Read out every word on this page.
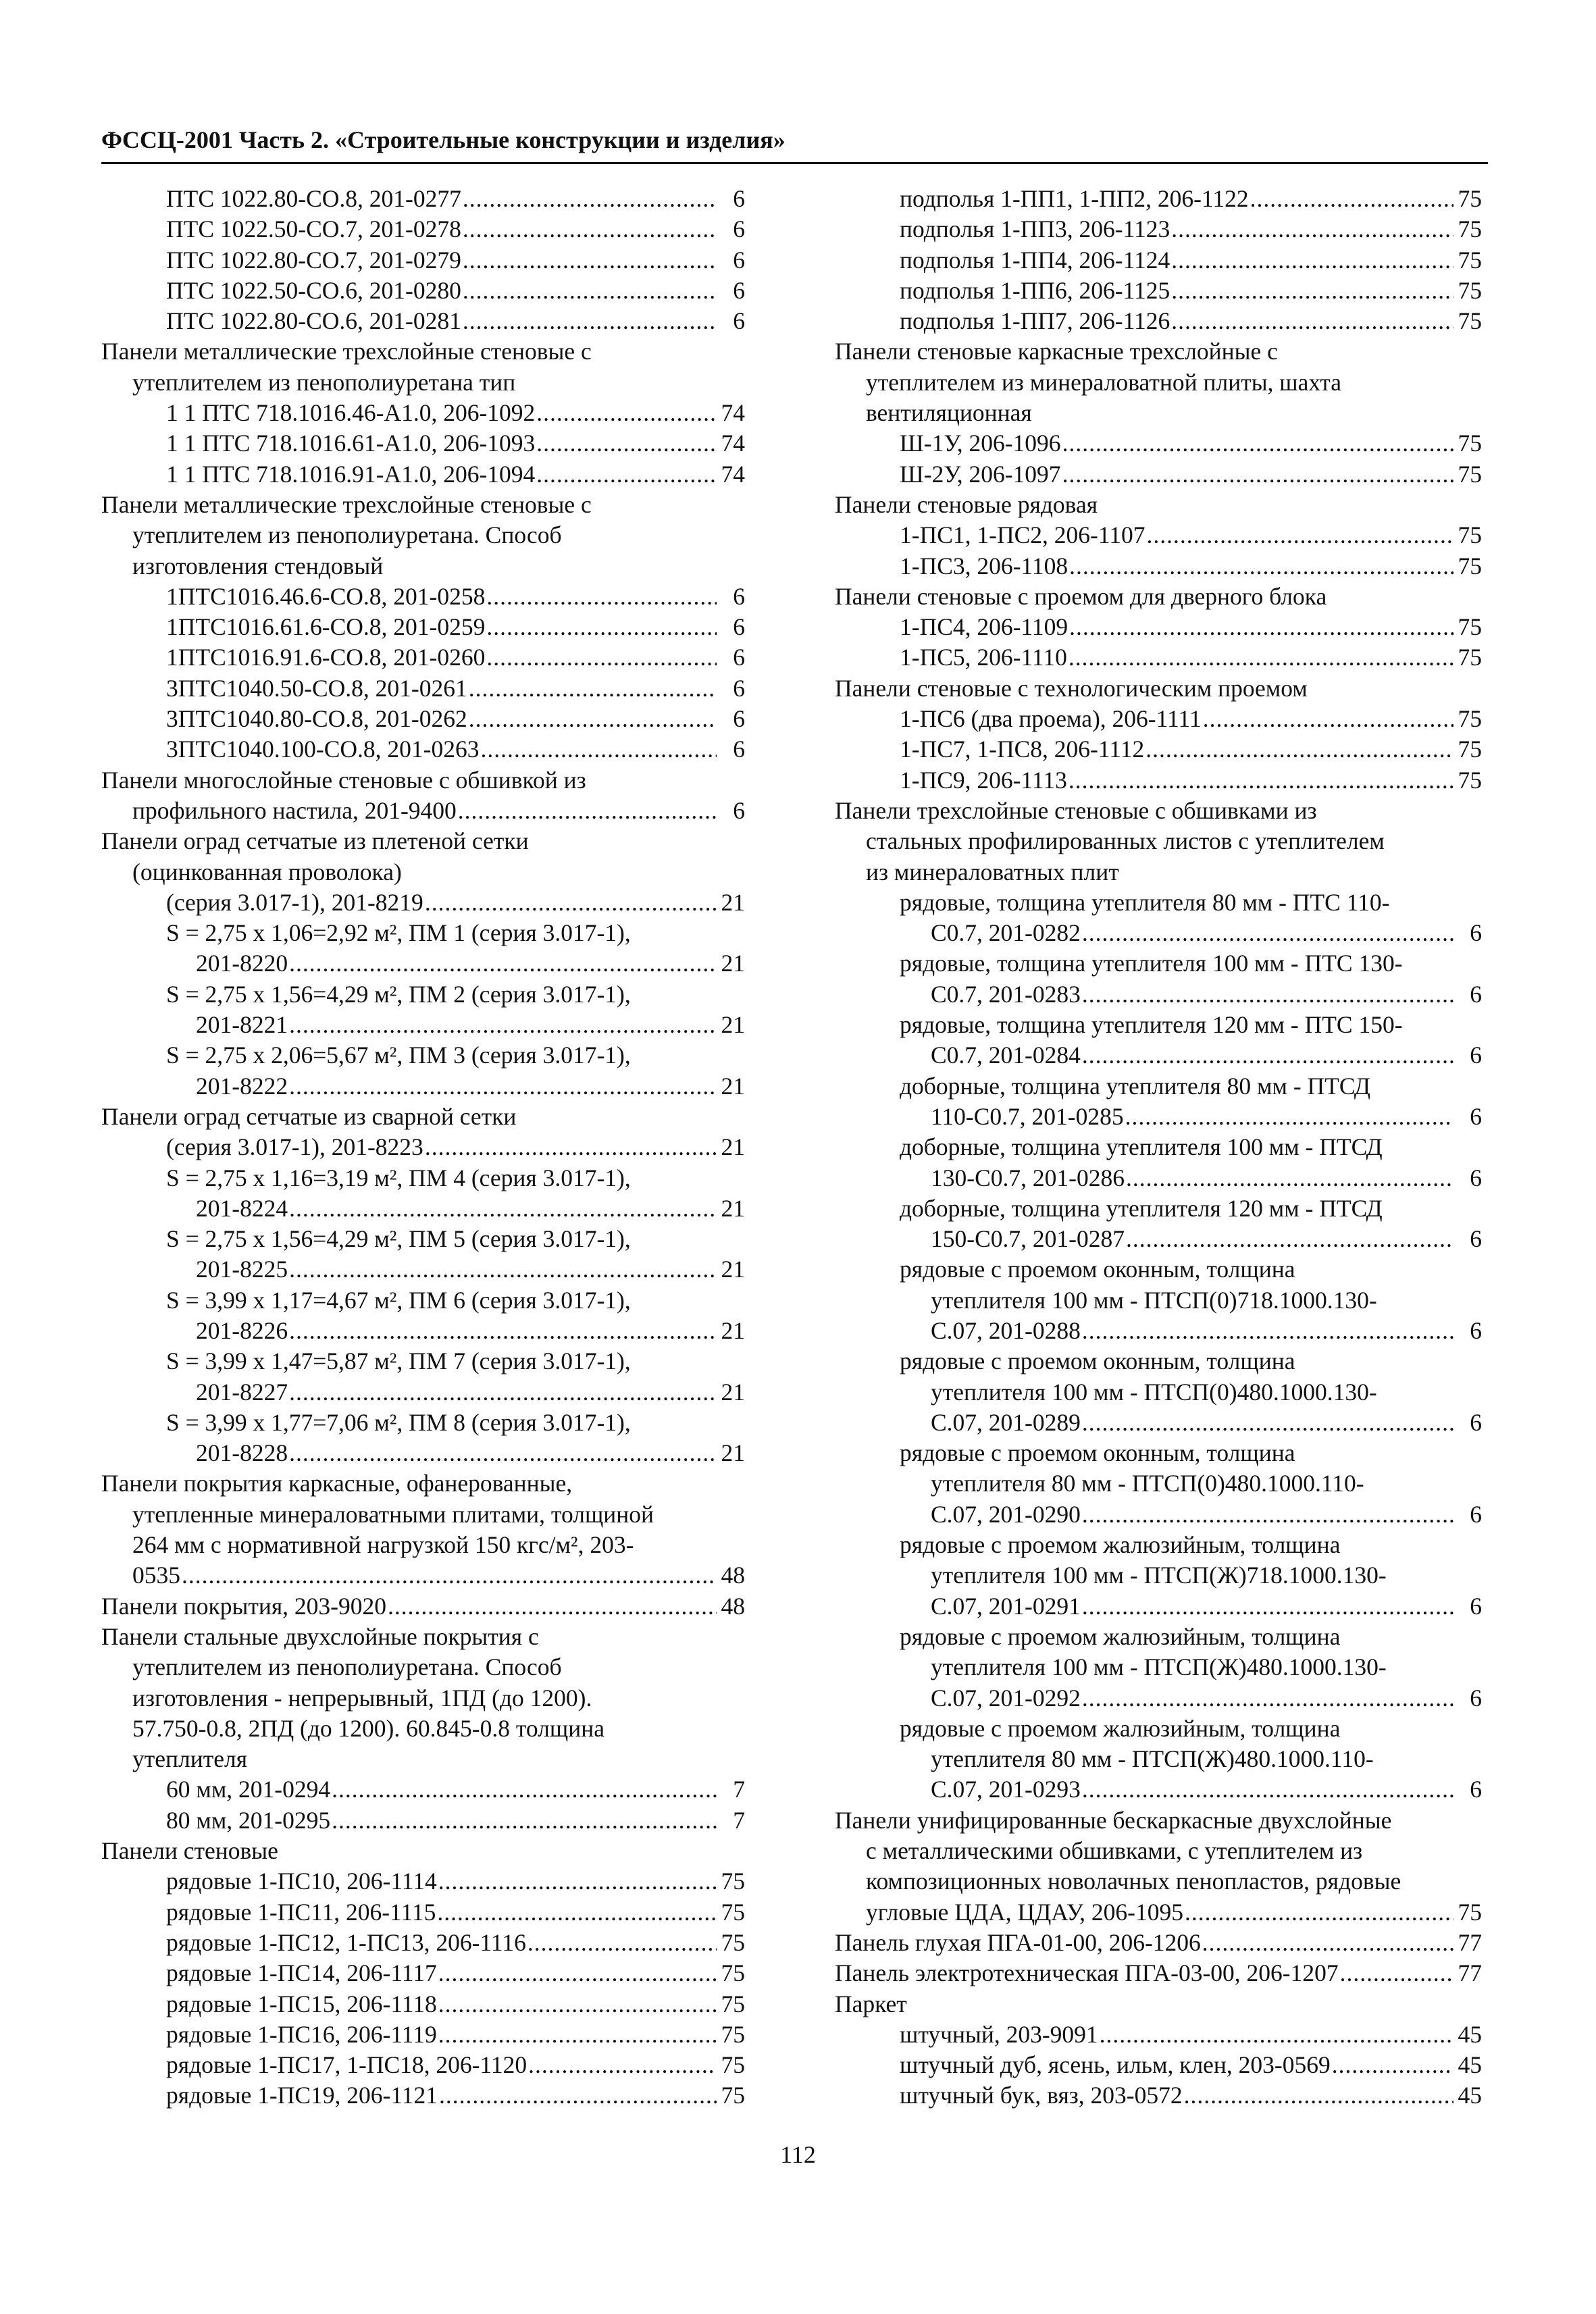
ФССЦ-2001 Часть 2. «Строительные конструкции и изделия»
ПТС 1022.80-СО.8, 201-0277 .....	6
ПТС 1022.50-СО.7, 201-0278 .....	6
ПТС 1022.80-СО.7, 201-0279 .....	6
ПТС 1022.50-СО.6, 201-0280 .....	6
ПТС 1022.80-СО.6, 201-0281 .....	6
Панели металлические трехслойные стеновые с
утеплителем из пенополиуретана тип
1 1 ПТС 718.1016.46-А1.0, 206-1092 .....	74
1 1 ПТС 718.1016.61-А1.0, 206-1093 .....	74
1 1 ПТС 718.1016.91-А1.0, 206-1094 .....	74
Панели металлические трехслойные стеновые с
утеплителем из пенополиуретана. Способ
изготовления стендовый
1ПТС1016.46.6-СО.8, 201-0258 .....	6
1ПТС1016.61.6-СО.8, 201-0259 .....	6
1ПТС1016.91.6-СО.8, 201-0260 .....	6
3ПТС1040.50-СО.8, 201-0261 .....	6
3ПТС1040.80-СО.8, 201-0262 .....	6
3ПТС1040.100-СО.8, 201-0263 .....	6
Панели многослойные стеновые с обшивкой из
профильного настила, 201-9400 .....	6
Панели оград сетчатые из плетеной сетки
(оцинкованная проволока)
(серия 3.017-1), 201-8219 .....	21
S = 2,75 х 1,06=2,92 м², ПМ 1 (серия 3.017-1),
201-8220 .....	21
S = 2,75 х 1,56=4,29 м², ПМ 2 (серия 3.017-1),
201-8221 .....	21
S = 2,75 х 2,06=5,67 м², ПМ 3 (серия 3.017-1),
201-8222 .....	21
Панели оград сетчатые из сварной сетки
(серия 3.017-1), 201-8223 .....	21
S = 2,75 х 1,16=3,19 м², ПМ 4 (серия 3.017-1),
201-8224 .....	21
S = 2,75 х 1,56=4,29 м², ПМ 5 (серия 3.017-1),
201-8225 .....	21
S = 3,99 х 1,17=4,67 м², ПМ 6 (серия 3.017-1),
201-8226 .....	21
S = 3,99 х 1,47=5,87 м², ПМ 7 (серия 3.017-1),
201-8227 .....	21
S = 3,99 х 1,77=7,06 м², ПМ 8 (серия 3.017-1),
201-8228 .....	21
Панели покрытия каркасные, офанерованные,
утепленные минераловатными плитами, толщиной
264 мм с нормативной нагрузкой 150 кгс/м², 203-
0535 .....	48
Панели покрытия, 203-9020 .....	48
Панели стальные двухслойные покрытия с
утеплителем из пенополиуретана. Способ
изготовления - непрерывный, 1ПД (до 1200).
57.750-0.8, 2ПД (до 1200). 60.845-0.8 толщина
утеплителя
60 мм, 201-0294 .....	7
80 мм, 201-0295 .....	7
Панели стеновые
рядовые 1-ПС10, 206-1114 .....	75
рядовые 1-ПС11, 206-1115 .....	75
рядовые 1-ПС12, 1-ПС13, 206-1116 .....	75
рядовые 1-ПС14, 206-1117 .....	75
рядовые 1-ПС15, 206-1118 .....	75
рядовые 1-ПС16, 206-1119 .....	75
рядовые 1-ПС17, 1-ПС18, 206-1120 .....	75
рядовые 1-ПС19, 206-1121 .....	75
подполья 1-ПП1, 1-ПП2, 206-1122 .....	75
подполья 1-ПП3, 206-1123 .....	75
подполья 1-ПП4, 206-1124 .....	75
подполья 1-ПП6, 206-1125 .....	75
подполья 1-ПП7, 206-1126 .....	75
Панели стеновые каркасные трехслойные с
утеплителем из минераловатной плиты, шахта
вентиляционная
Ш-1У, 206-1096 .....	75
Ш-2У, 206-1097 .....	75
Панели стеновые рядовая
1-ПС1, 1-ПС2, 206-1107 .....	75
1-ПС3, 206-1108 .....	75
Панели стеновые с проемом для дверного блока
1-ПС4, 206-1109 .....	75
1-ПС5, 206-1110 .....	75
Панели стеновые с технологическим проемом
1-ПС6 (два проема), 206-1111 .....	75
1-ПС7, 1-ПС8, 206-1112 .....	75
1-ПС9, 206-1113 .....	75
Панели трехслойные стеновые с обшивками из
стальных профилированных листов с утеплителем
из минераловатных плит
рядовые, толщина утеплителя 80 мм - ПТС 110-
С0.7, 201-0282 .....	6
рядовые, толщина утеплителя 100 мм - ПТС 130-
С0.7, 201-0283 .....	6
рядовые, толщина утеплителя 120 мм - ПТС 150-
С0.7, 201-0284 .....	6
доборные, толщина утеплителя 80 мм - ПТСД
110-С0.7, 201-0285 .....	6
доборные, толщина утеплителя 100 мм - ПТСД
130-С0.7, 201-0286 .....	6
доборные, толщина утеплителя 120 мм - ПТСД
150-С0.7, 201-0287 .....	6
рядовые с проемом оконным, толщина
утеплителя 100 мм - ПТСП(0)718.1000.130-
С.07, 201-0288 .....	6
рядовые с проемом оконным, толщина
утеплителя 100 мм - ПТСП(0)480.1000.130-
С.07, 201-0289 .....	6
рядовые с проемом оконным, толщина
утеплителя 80 мм - ПТСП(0)480.1000.110-
С.07, 201-0290 .....	6
рядовые с проемом жалюзийным, толщина
утеплителя 100 мм - ПТСП(Ж)718.1000.130-
С.07, 201-0291 .....	6
рядовые с проемом жалюзийным, толщина
утеплителя 100 мм - ПТСП(Ж)480.1000.130-
С.07, 201-0292 .....	6
рядовые с проемом жалюзийным, толщина
утеплителя 80 мм - ПТСП(Ж)480.1000.110-
С.07, 201-0293 .....	6
Панели унифицированные бескаркасные двухслойные
с металлическими обшивками, с утеплителем из
композиционных новолачных пенопластов, рядовые
угловые ЦДА, ЦДАУ, 206-1095 .....	75
Панель глухая ПГА-01-00, 206-1206 .....	77
Панель электротехническая ПГА-03-00, 206-1207 .....	77
Паркет
штучный, 203-9091 .....	45
штучный дуб, ясень, ильм, клен, 203-0569 .....	45
штучный бук, вяз, 203-0572 .....	45
112
